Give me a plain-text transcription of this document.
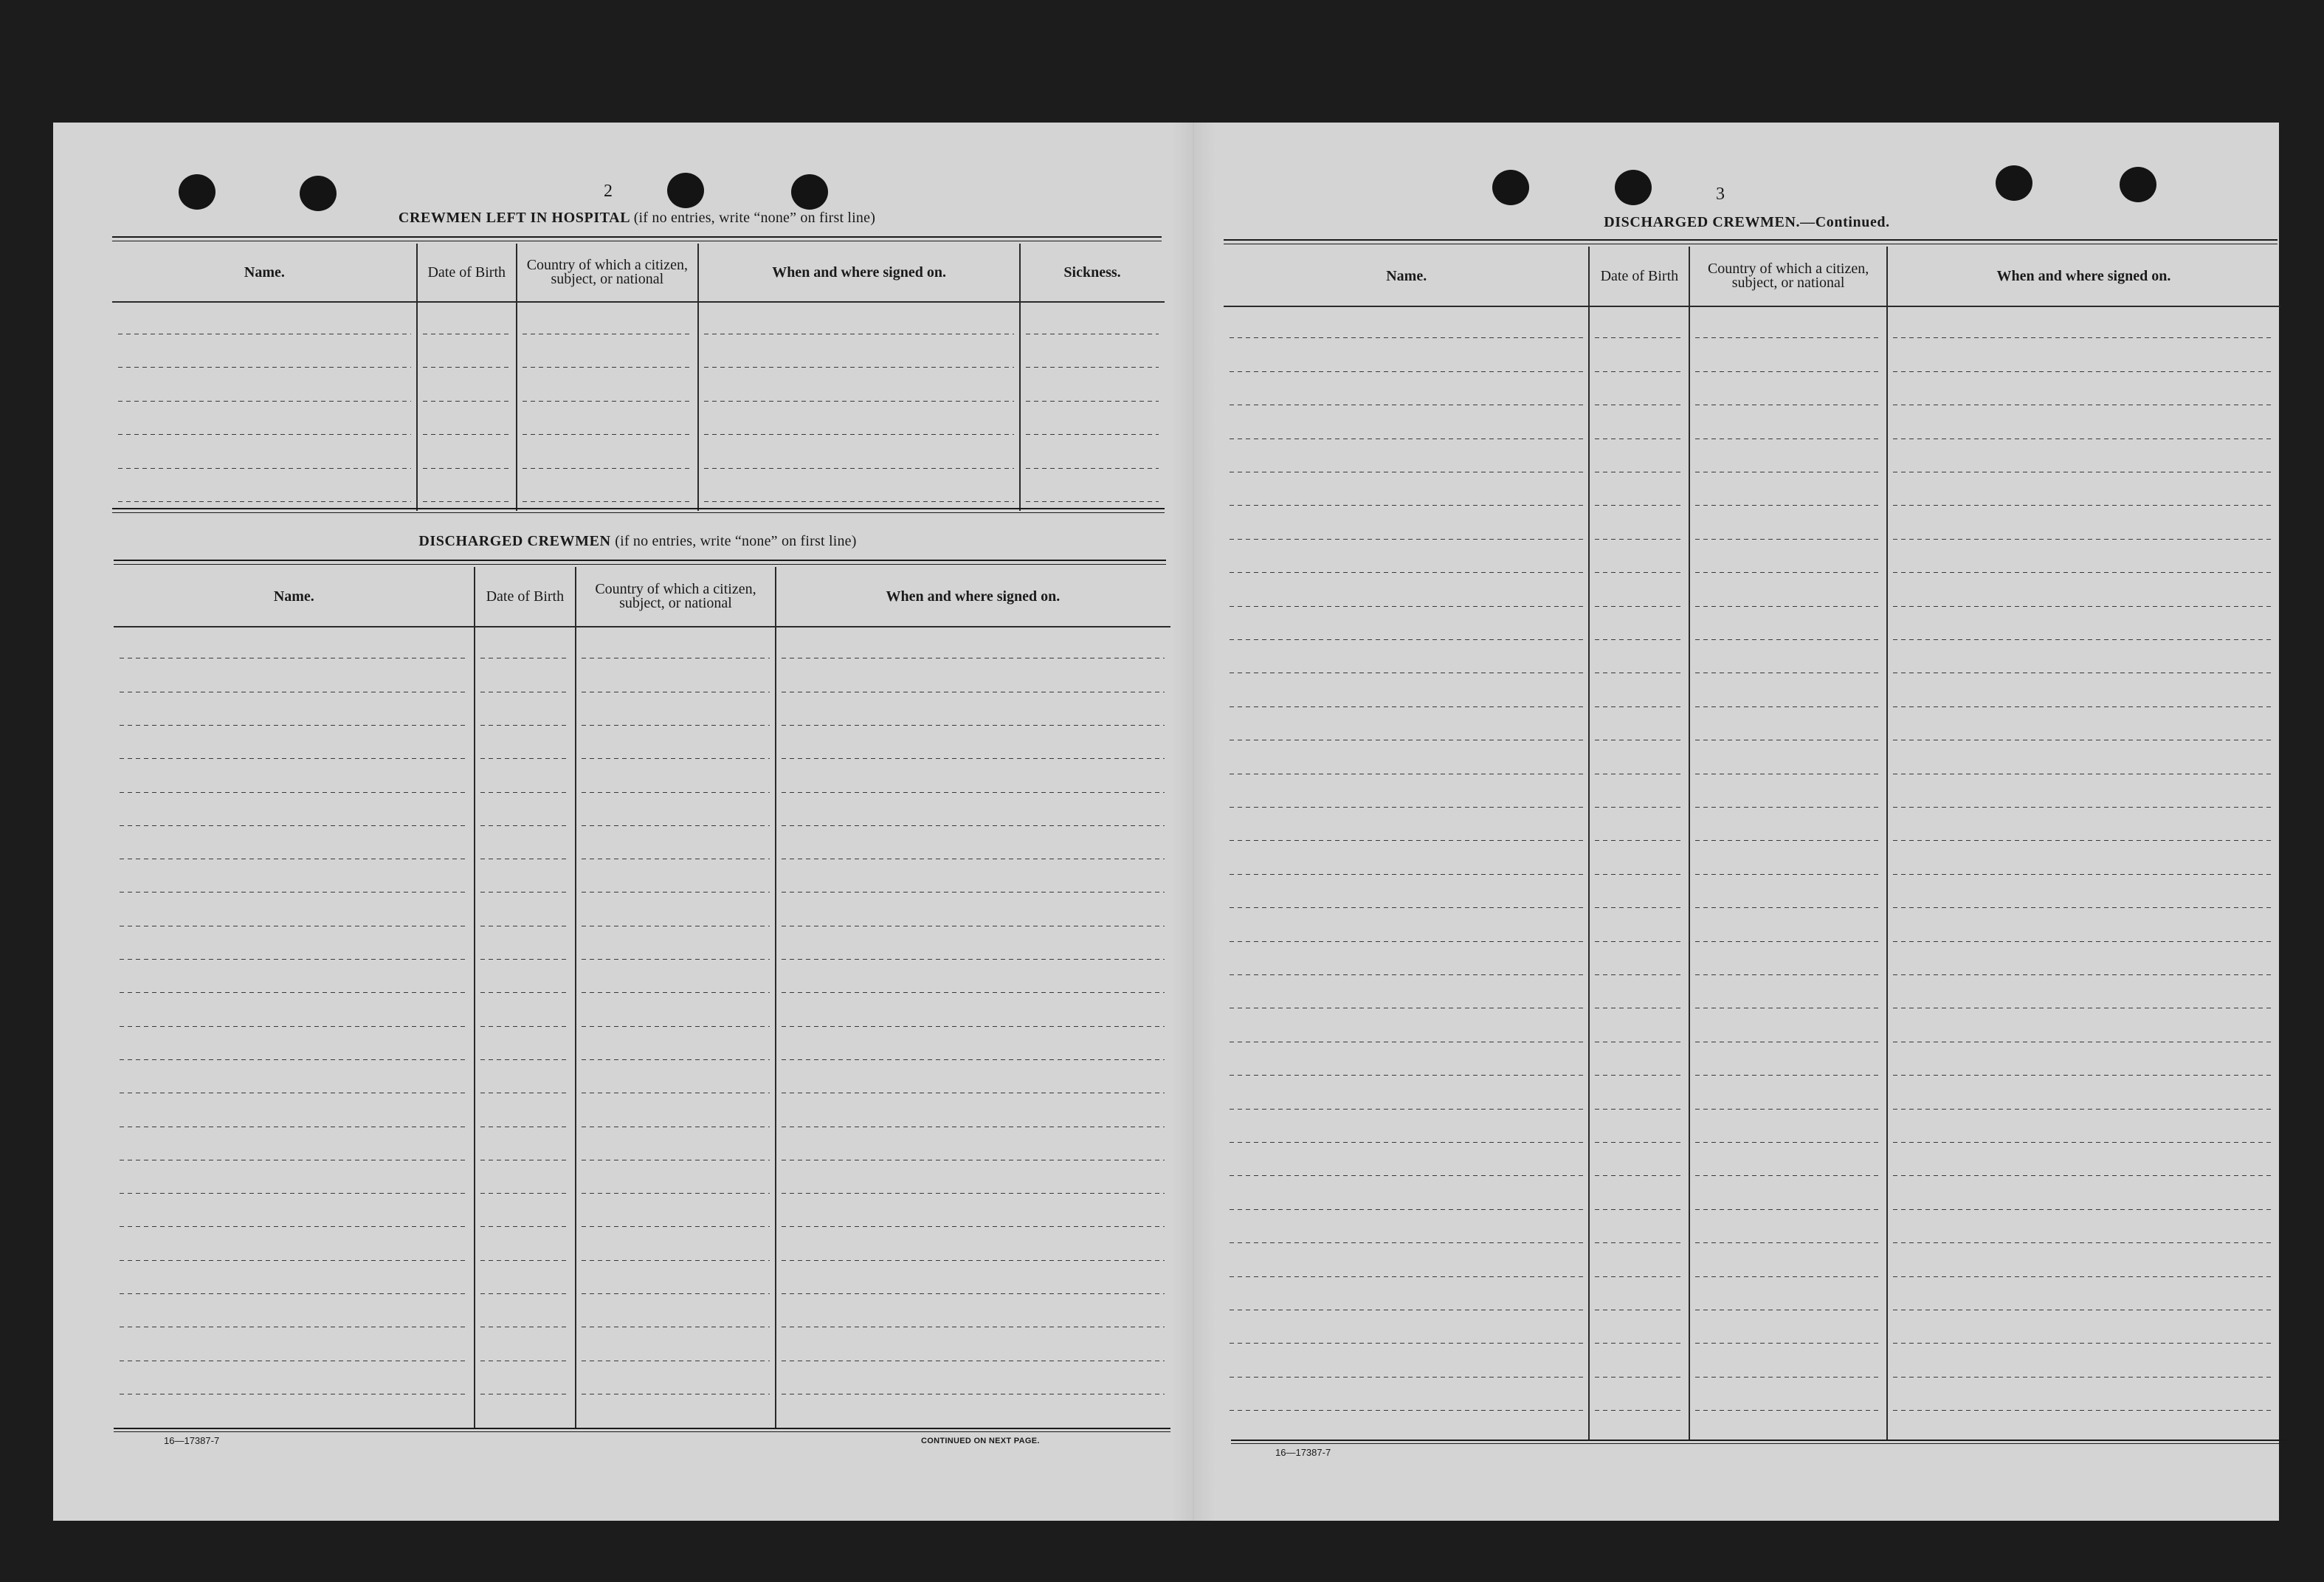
2
CREWMEN LEFT IN HOSPITAL (if no entries, write “none” on first line)
Name.	Date of Birth	Country of which a citizen, subject, or national	When and where signed on.	Sickness.
DISCHARGED CREWMEN (if no entries, write “none” on first line)
Name.	Date of Birth	Country of which a citizen, subject, or national	When and where signed on.
16—17387-7	CONTINUED ON NEXT PAGE.
3
DISCHARGED CREWMEN.—Continued.
Name.	Date of Birth	Country of which a citizen, subject, or national	When and where signed on.
16—17387-7
